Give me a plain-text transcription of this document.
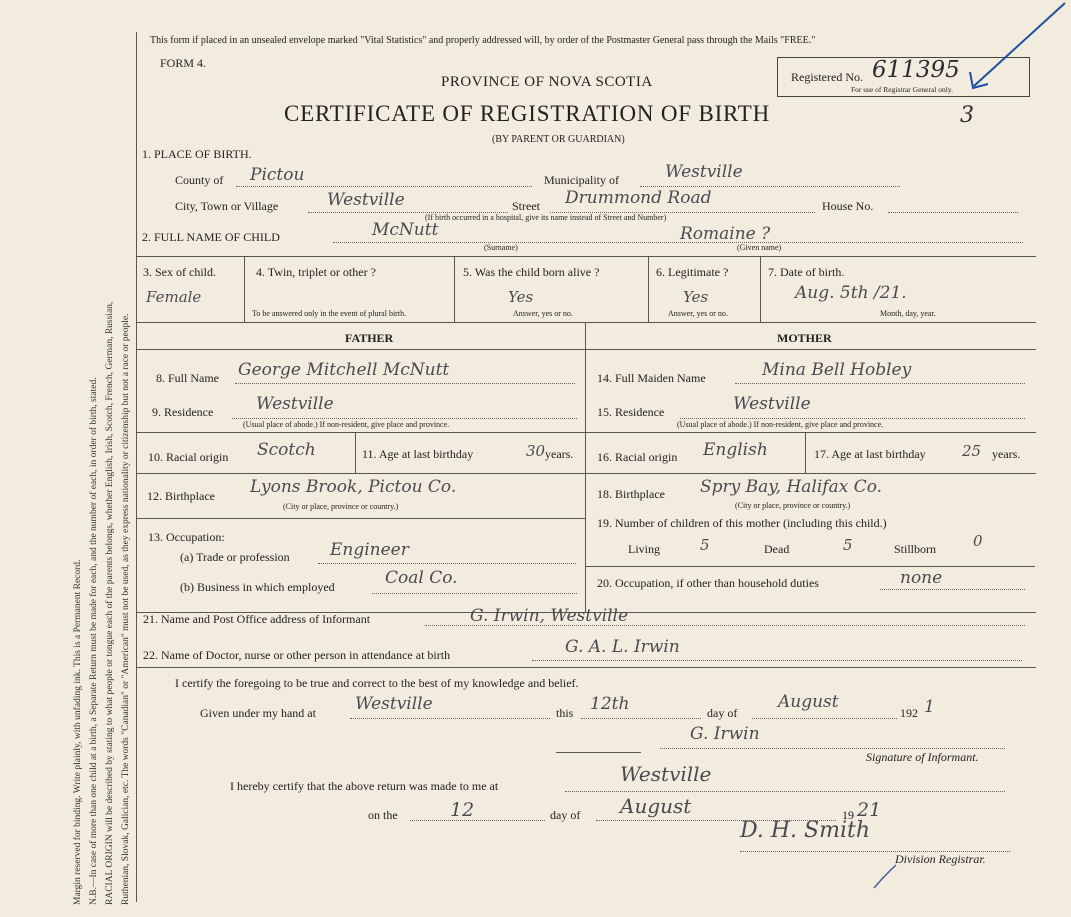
Margin reserved for binding. Write plainly, with unfading ink. This is a Permanent Record. N.B.—In case of more than one child at a birth, a Separate Return must be made for each, and the number of each, in order of birth, stated. RACIAL ORIGIN will be described by stating to what people or tongue each of the parents belongs, whether English, Irish, Scotch, French, German, Russian, Ruthenian, Slovak, Galician, etc. The words "Canadian" or "American" must not be used, as they express nationality or citizenship but not a race or people.
This form if placed in an unsealed envelope marked "Vital Statistics" and properly addressed will, by order of the Postmaster General pass through the Mails "FREE."
FORM 4.
PROVINCE OF NOVA SCOTIA
CERTIFICATE OF REGISTRATION OF BIRTH
(BY PARENT OR GUARDIAN)
Registered No. 611395
For use of Registrar General only.
3
1. PLACE OF BIRTH.
County of Pictou	Municipality of	Westville
City, Town or Village	Westville	Street Drummond Road	House No.
(If birth occurred in a hospital, give its name instead of Street and Number)
2. FULL NAME OF CHILD	McNutt
(Surname)
Romaine ?
(Given name)
3. Sex of child.
Female
4. Twin, triplet or other ?
To be answered only in the event of plural birth.
5. Was the child born alive ?
Yes
Answer, yes or no.
6. Legitimate ?
Yes
Answer, yes or no.
7. Date of birth.
Aug. 5th /21.
Month, day, year.
FATHER	MOTHER
8. Full Name George Mitchell McNutt
9. Residence	Westville
(Usual place of abode.) If non-resident, give place and province.
10. Racial origin Scotch	11. Age at last birthday	30 years.
12. Birthplace Lyons Brook, Pictou Co.
(City or place, province or country.)
13. Occupation:
(a) Trade or profession Engineer
(b) Business in which employed	Coal Co.
14. Full Maiden Name	Mina Bell Hobley
15. Residence	Westville
(Usual place of abode.) If non-resident, give place and province.
16. Racial origin English	17. Age at last birthday 25 years.
18. Birthplace Spry Bay, Halifax Co.
(City or place, province or country.)
19. Number of children of this mother (including this child.)
Living	5	Dead	5	Stillborn 0
20. Occupation, if other than household duties	none
21. Name and Post Office address of Informant	G. Irwin, Westville
22. Name of Doctor, nurse or other person in attendance at birth	G. A. L. Irwin
I certify the foregoing to be true and correct to the best of my knowledge and belief.
Given under my hand at Westville	this 12th	day of
August
192 1
G. Irwin
Signature of Informant.
I hereby certify that the above return was made to me at	Westville
on the	12	day of August	19 21
D. H. Smith
Division Registrar.
